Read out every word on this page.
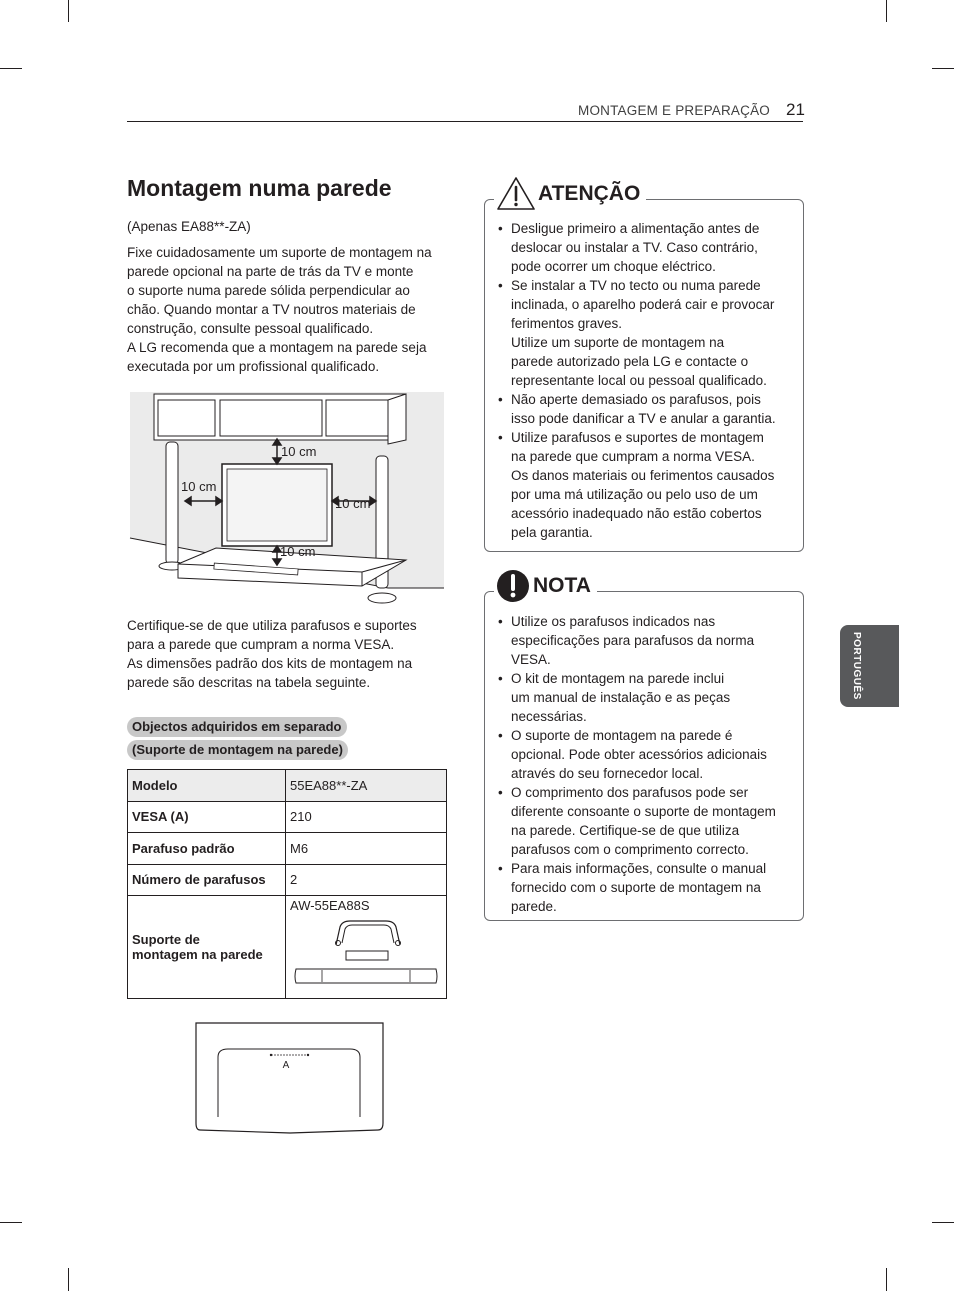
MONTAGEM E PREPARAÇÃO 21
PORTUGUÊS
Montagem numa parede
(Apenas EA88**-ZA)

Fixe cuidadosamente um suporte de montagem na

parede opcional na parte de trás da TV e monte

o suporte numa parede sólida perpendicular ao

chão. Quando montar a TV noutros materiais de

construção, consulte pessoal qualificado.

A LG recomenda que a montagem na parede seja

executada por um profissional qualificado.

10 cm
10 cm
10 cm
10 cm

Certifique-se de que utiliza parafusos e suportes

para a parede que cumpram a norma VESA.

As dimensões padrão dos kits de montagem na

parede são descritas na tabela seguinte.

Objectos adquiridos em separado
(Suporte de montagem na parede)
Modelo	55EA88**-ZA
VESA (A)	210
Parafuso padrão	M6
Número de parafusos	2

Suporte de
montagem na parede	AW-55EA88S
A
• Desligue primeiro a alimentação antes de
deslocar ou instalar a TV. Caso contrário,
pode ocorrer um choque eléctrico.
• Se instalar a TV no tecto ou numa parede
inclinada, o aparelho poderá cair e provocar
ferimentos graves.
Utilize um suporte de montagem na
parede autorizado pela LG e contacte o
representante local ou pessoal qualificado.
• Não aperte demasiado os parafusos, pois
isso pode danificar a TV e anular a garantia.
• Utilize parafusos e suportes de montagem
na parede que cumpram a norma VESA.
Os danos materiais ou ferimentos causados
por uma má utilização ou pelo uso de um
acessório inadequado não estão cobertos
pela garantia.
ATENÇÃO
• Utilize os parafusos indicados nas
especificações para parafusos da norma
VESA.
• O kit de montagem na parede inclui
um manual de instalação e as peças
necessárias.
• O suporte de montagem na parede é
opcional. Pode obter acessórios adicionais
através do seu fornecedor local.
• O comprimento dos parafusos pode ser
diferente consoante o suporte de montagem
na parede. Certifique-se de que utiliza
parafusos com o comprimento correcto.
• Para mais informações, consulte o manual
fornecido com o suporte de montagem na
parede.
NOTA
